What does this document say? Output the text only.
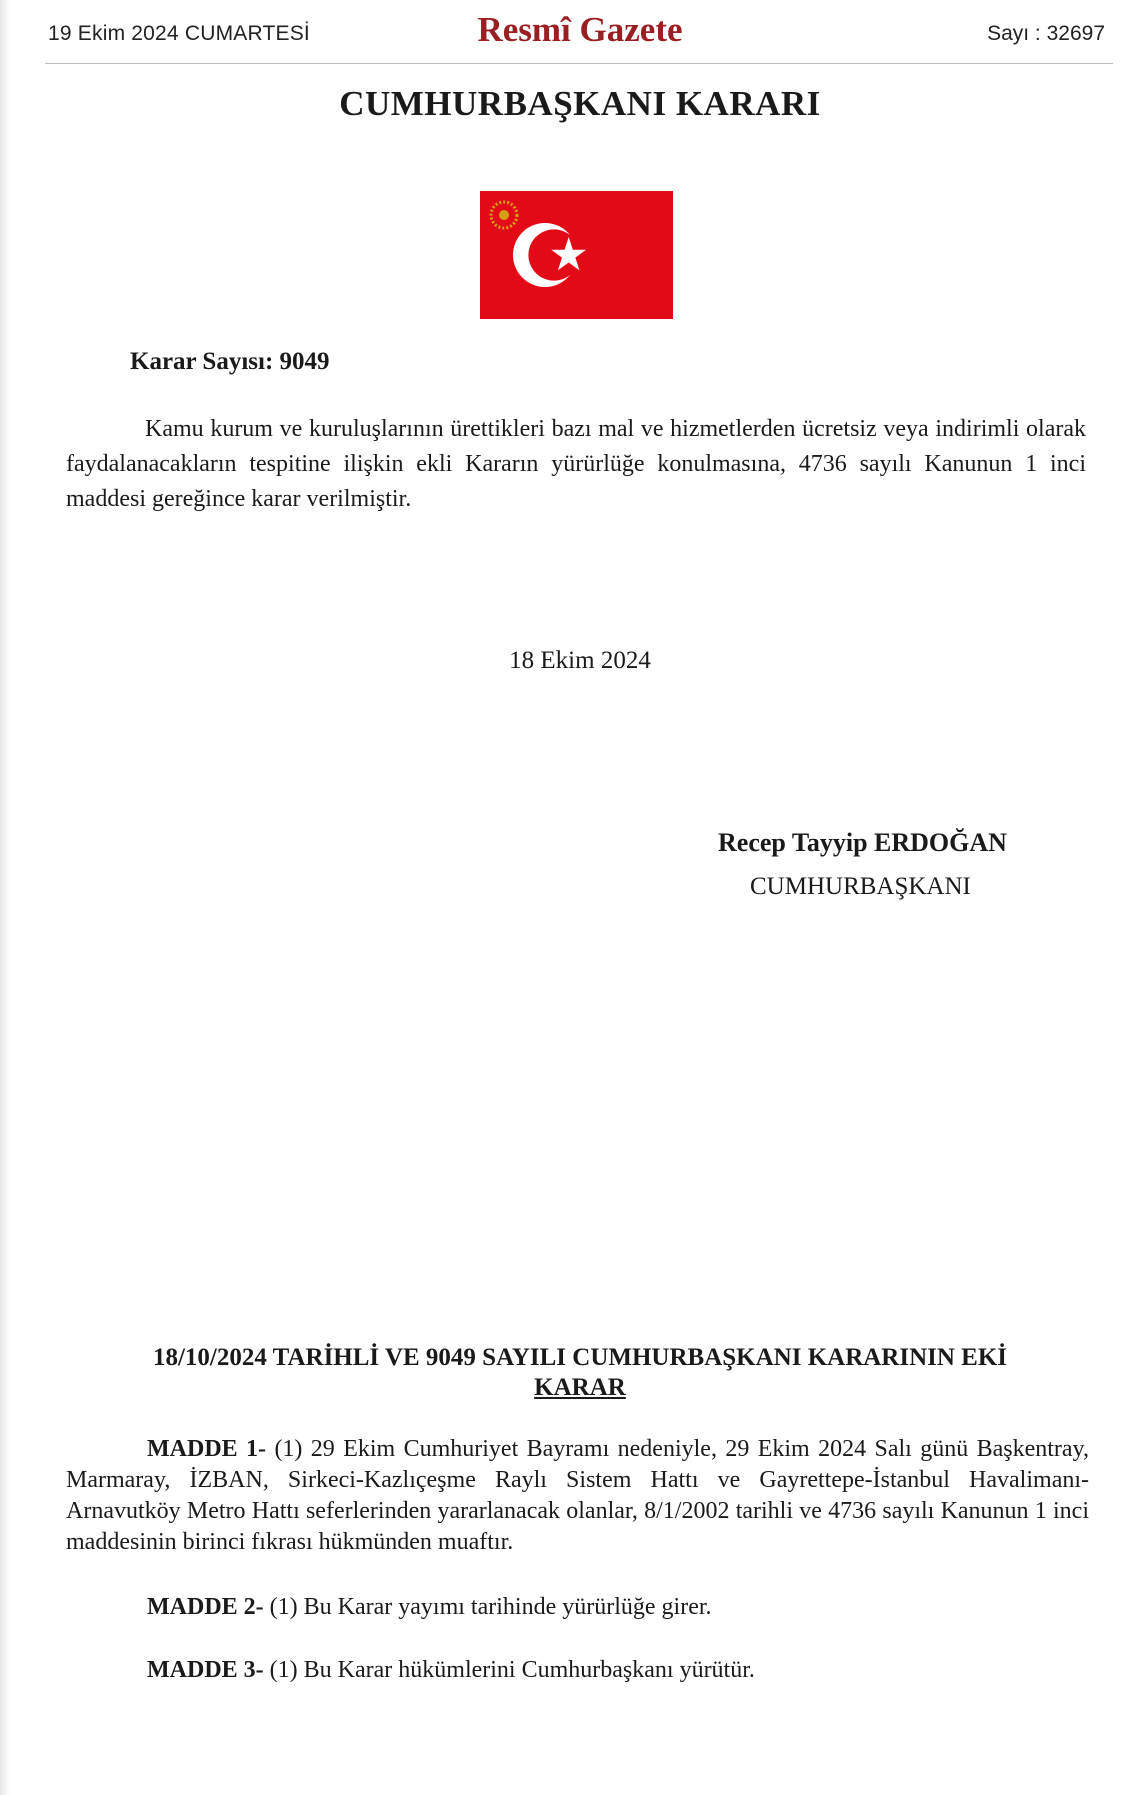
19 Ekim 2024 CUMARTESİ	Resmî Gazete	Sayı : 32697
CUMHURBAŞKANI KARARI
Karar Sayısı: 9049
Kamu kurum ve kuruluşlarının ürettikleri bazı mal ve hizmetlerden ücretsiz veya indirimli olarak faydalanacakların tespitine ilişkin ekli Kararın yürürlüğe konulmasına, 4736 sayılı Kanunun 1 inci maddesi gereğince karar verilmiştir.
18 Ekim 2024
Recep Tayyip ERDOĞAN
CUMHURBAŞKANI
18/10/2024 TARİHLİ VE 9049 SAYILI CUMHURBAŞKANI KARARININ EKİ
KARAR
MADDE 1- (1) 29 Ekim Cumhuriyet Bayramı nedeniyle, 29 Ekim 2024 Salı günü Başkentray, Marmaray, İZBAN, Sirkeci-Kazlıçeşme Raylı Sistem Hattı ve Gayrettepe-İstanbul Havalimanı-Arnavutköy Metro Hattı seferlerinden yararlanacak olanlar, 8/1/2002 tarihli ve 4736 sayılı Kanunun 1 inci maddesinin birinci fıkrası hükmünden muaftır.
MADDE 2- (1) Bu Karar yayımı tarihinde yürürlüğe girer.
MADDE 3- (1) Bu Karar hükümlerini Cumhurbaşkanı yürütür.
